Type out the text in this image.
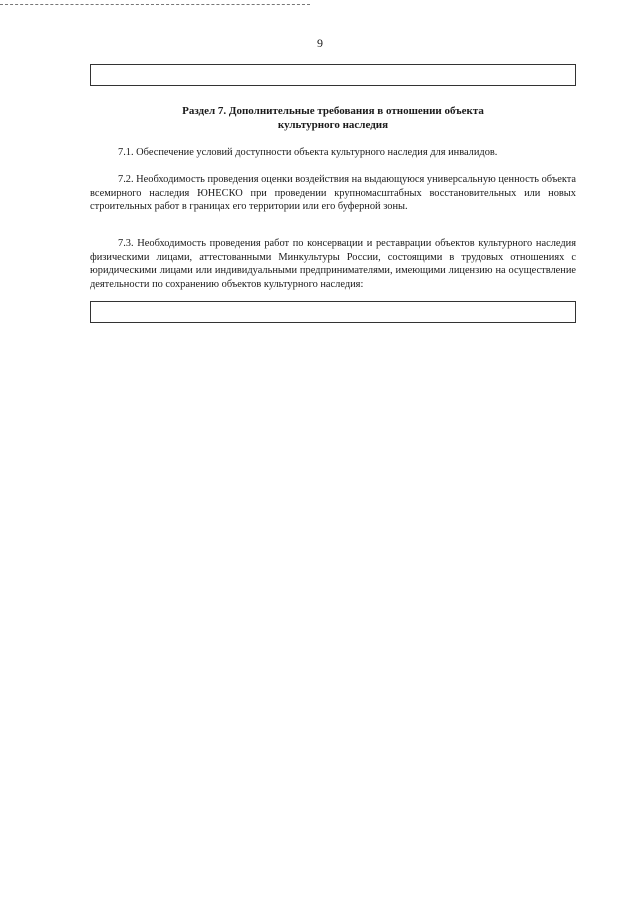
9
Раздел 7. Дополнительные требования в отношении объекта
культурного наследия

7.1. Обеспечение условий доступности объекта культурного наследия для инвалидов.

7.2. Необходимость проведения оценки воздействия на выдающуюся универсальную ценность объекта всемирного наследия ЮНЕСКО при проведении крупномасштабных восстановительных или новых строительных работ в границах его территории или его буферной зоны.

7.3. Необходимость проведения работ по консервации и реставрации объектов культурного наследия физическими лицами, аттестованными Минкультуры России, состоящими в трудовых отношениях с юридическими лицами или индивидуальными предпринимателями, имеющими лицензию на осуществление деятельности по сохранению объектов культурного наследия:
